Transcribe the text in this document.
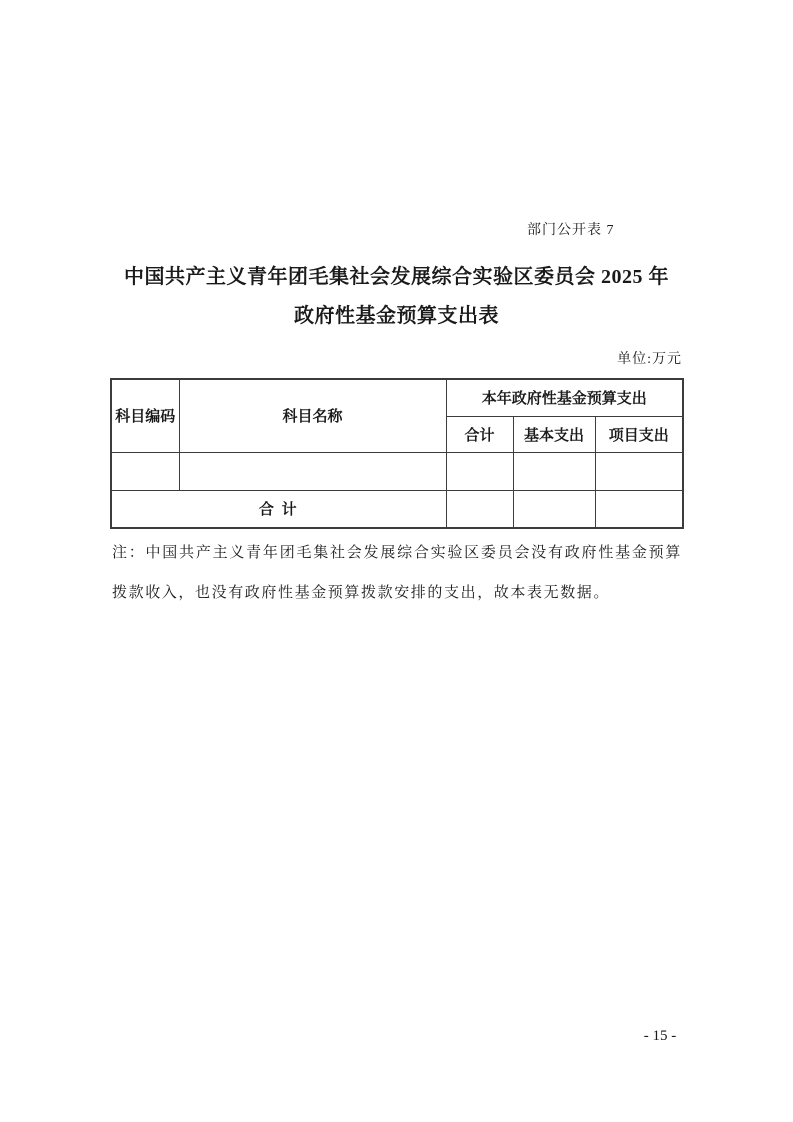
部门公开表 7
中国共产主义青年团毛集社会发展综合实验区委员会 2025 年
政府性基金预算支出表
单位:万元
科目编码	科目名称	本年政府性基金预算支出		
		合计	基本支出	项目支出

合 计				
注：中国共产主义青年团毛集社会发展综合实验区委员会没有政府性基金预算拨款收入，也没有政府性基金预算拨款安排的支出，故本表无数据。
- 15 -
